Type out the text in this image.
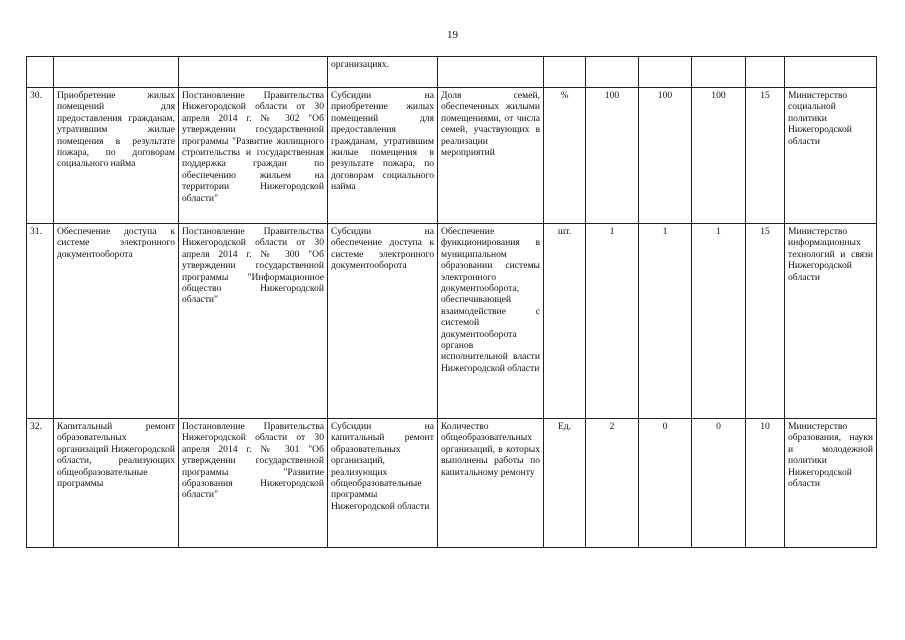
19
			организациях.							
30.	Приобретение жилых помещений для предоставления гражданам, утратившим жилые помещения в результате пожара, по договорам социального найма	Постановление Правительства Нижегородской области от 30 апреля 2014 г. № 302 "Об утверждении государственной программы "Развитие жилищного строительства и государственная поддержка граждан по обеспечению жильем на территории Нижегородской области"	Субсидии на приобретение жилых помещений для предоставления гражданам, утратившим жилые помещения в результате пожара, по договорам социального найма	Доля семей, обеспеченных жилыми помещениями, от числа семей, участвующих в реализации мероприятий	%	100	100	100	15	Министерство социальной политики Нижегородской области
31.	Обеспечение доступа к системе электронного документооборота	Постановление Правительства Нижегородской области от 30 апреля 2014 г. № 300 "Об утверждении государственной программы "Информационное общество Нижегородской области"	Субсидии на обеспечение доступа к системе электронного документооборота	Обеспечение функционирования в муниципальном образовании системы электронного документооборота, обеспечивающей взаимодействие с системой документооборота органов исполнительной власти Нижегородской области	шт.	1	1	1	15	Министерство информационных технологий и связи Нижегородской области
32.	Капитальный ремонт образовательных организаций Нижегородской области, реализующих общеобразовательные программы	Постановление Правительства Нижегородской области от 30 апреля 2014 г. № 301 "Об утверждении государственной программы "Развитие образования Нижегородской области"	Субсидии на капитальный ремонт образовательных организаций, реализующих общеобразовательные программы Нижегородской области	Количество общеобразовательных организаций, в которых выполнены работы по капитальному ремонту	Ед.	2	0	0	10	Министерство образования, науки и молодежной политики Нижегородской области
